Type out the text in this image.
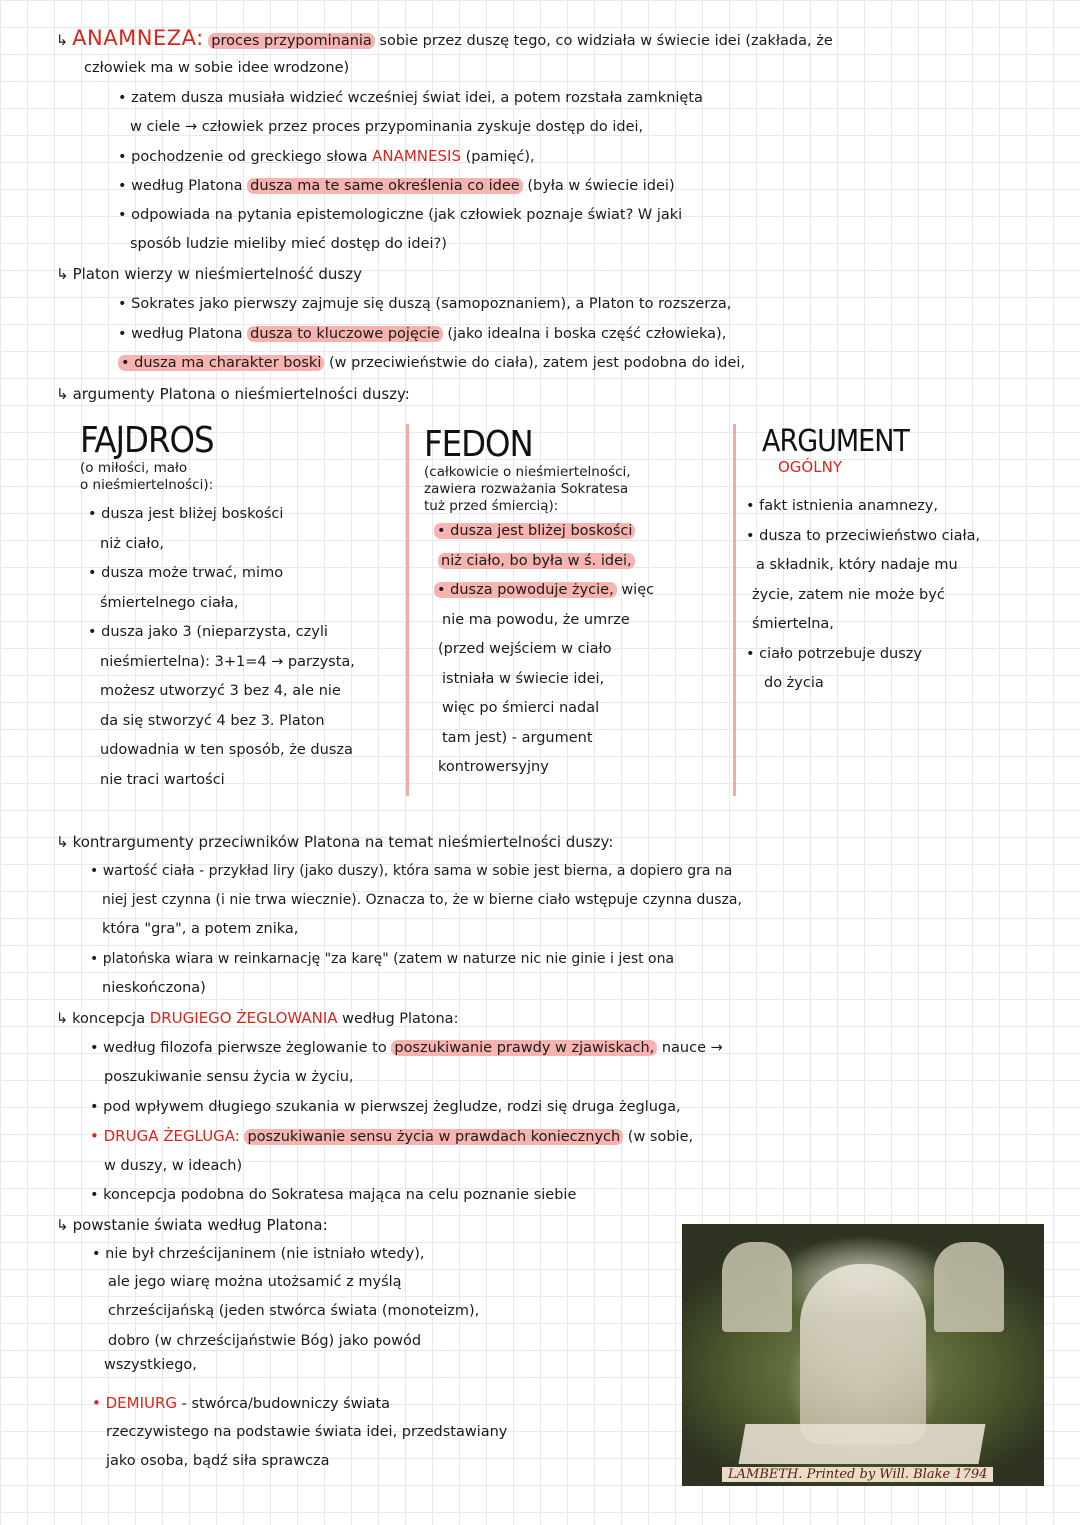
↳ ANAMNEZA: proces przypominania sobie przez duszę tego, co widziała w świecie idei (zakłada, że
człowiek ma w sobie idee wrodzone)
• zatem dusza musiała widzieć wcześniej świat idei, a potem rozstała zamknięta
w ciele → człowiek przez proces przypominania zyskuje dostęp do idei,
• pochodzenie od greckiego słowa ANAMNESIS (pamięć),
• według Platona dusza ma te same określenia co idee (była w świecie idei)
• odpowiada na pytania epistemologiczne (jak człowiek poznaje świat? W jaki
sposób ludzie mieliby mieć dostęp do idei?)
↳ Platon wierzy w nieśmiertelność duszy
• Sokrates jako pierwszy zajmuje się duszą (samopoznaniem), a Platon to rozszerza,
• według Platona dusza to kluczowe pojęcie (jako idealna i boska część człowieka),
• dusza ma charakter boski (w przeciwieństwie do ciała), zatem jest podobna do idei,
↳ argumenty Platona o nieśmiertelności duszy:
FAJDROS
(o miłości, mało
o nieśmiertelności):
• dusza jest bliżej boskości
niż ciało,
• dusza może trwać, mimo
śmiertelnego ciała,
• dusza jako 3 (nieparzysta, czyli
nieśmiertelna): 3+1=4 → parzysta,
możesz utworzyć 3 bez 4, ale nie
da się stworzyć 4 bez 3. Platon
udowadnia w ten sposób, że dusza
nie traci wartości
FEDON
(całkowicie o nieśmiertelności,
zawiera rozważania Sokratesa
tuż przed śmiercią):
• dusza jest bliżej boskości
niż ciało, bo była w ś. idei,
• dusza powoduje życie, więc
nie ma powodu, że umrze
(przed wejściem w ciało
istniała w świecie idei,
więc po śmierci nadal
tam jest) - argument
kontrowersyjny
ARGUMENT
OGÓLNY
• fakt istnienia anamnezy,
• dusza to przeciwieństwo ciała,
a składnik, który nadaje mu
życie, zatem nie może być
śmiertelna,
• ciało potrzebuje duszy
do życia
↳ kontrargumenty przeciwników Platona na temat nieśmiertelności duszy:
• wartość ciała - przykład liry (jako duszy), która sama w sobie jest bierna, a dopiero gra na
niej jest czynna (i nie trwa wiecznie). Oznacza to, że w bierne ciało wstępuje czynna dusza,
która "gra", a potem znika,
• platońska wiara w reinkarnację "za karę" (zatem w naturze nic nie ginie i jest ona
nieskończona)
↳ koncepcja DRUGIEGO ŻEGLOWANIA według Platona:
• według filozofa pierwsze żeglowanie to poszukiwanie prawdy w zjawiskach, nauce →
poszukiwanie sensu życia w życiu,
• pod wpływem długiego szukania w pierwszej żegludze, rodzi się druga żegluga,
• DRUGA ŻEGLUGA: poszukiwanie sensu życia w prawdach koniecznych (w sobie,
w duszy, w ideach)
• koncepcja podobna do Sokratesa mająca na celu poznanie siebie
↳ powstanie świata według Platona:
• nie był chrześcijaninem (nie istniało wtedy),
ale jego wiarę można utożsamić z myślą
chrześcijańską (jeden stwórca świata (monoteizm),
dobro (w chrześcijaństwie Bóg) jako powód
wszystkiego,
• DEMIURG - stwórca/budowniczy świata
rzeczywistego na podstawie świata idei, przedstawiany
jako osoba, bądź siła sprawcza
LAMBETH. Printed by Will. Blake 1794
